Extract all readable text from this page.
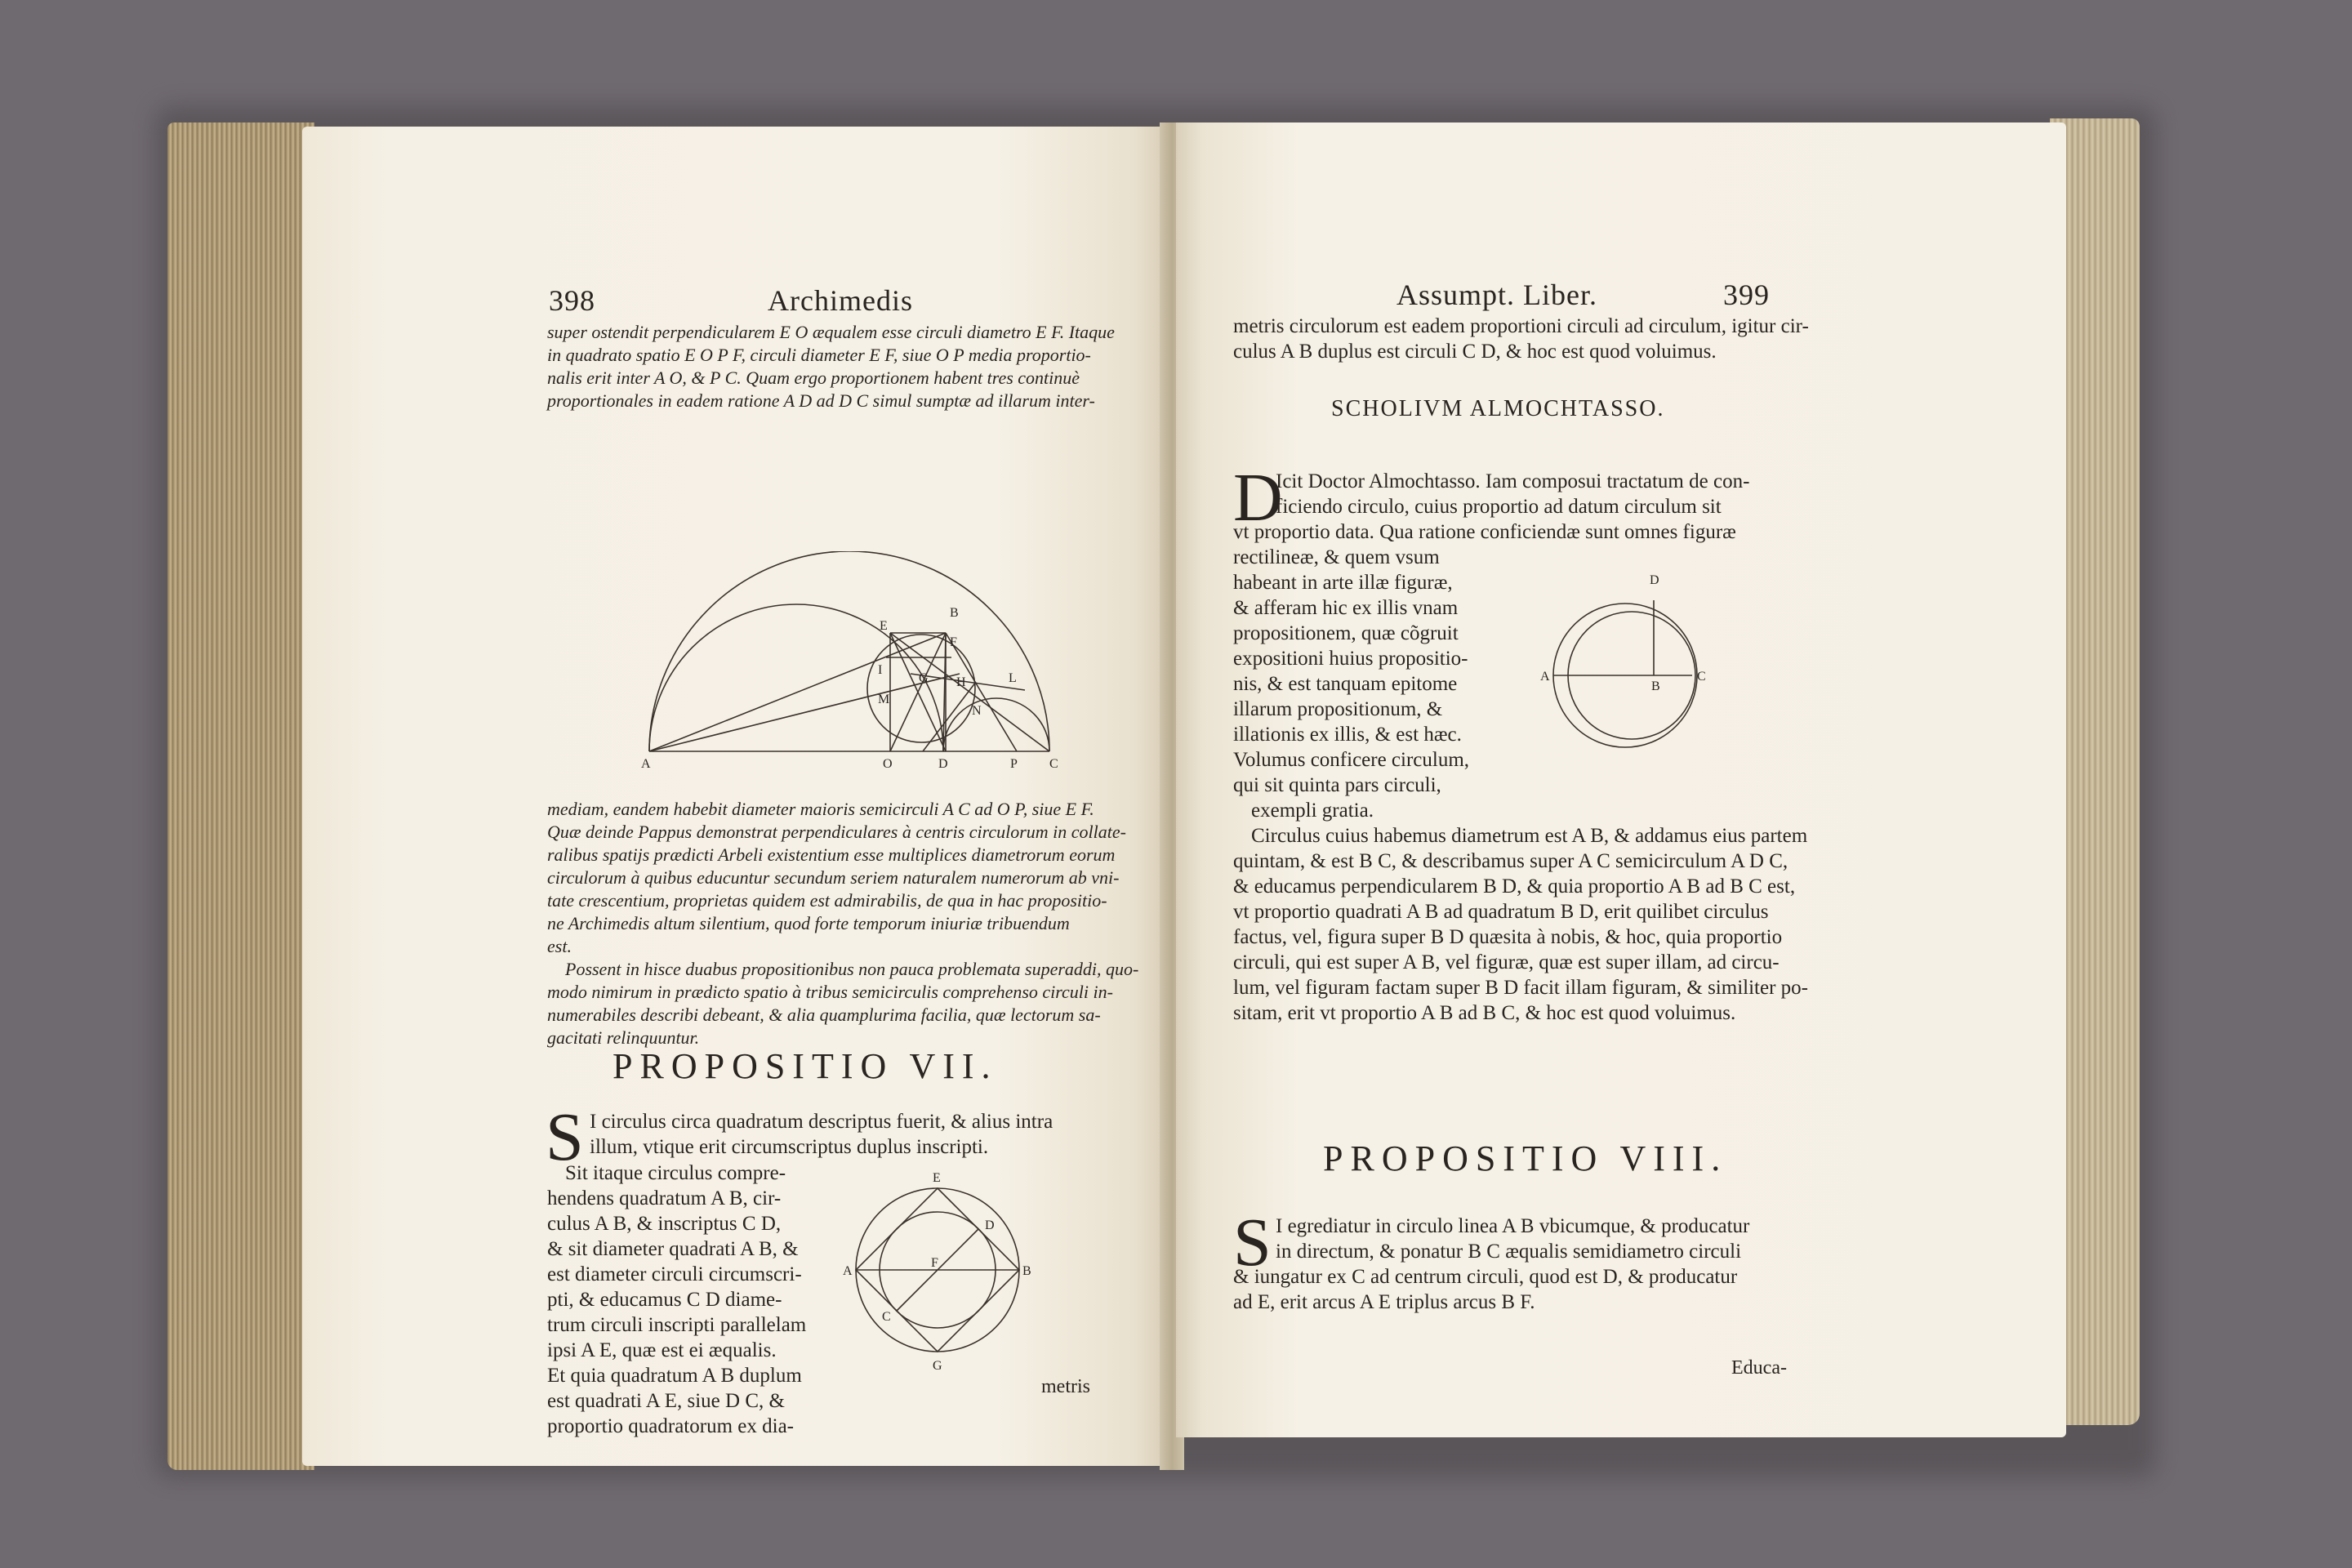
398	Archimedis
super ostendit perpendicularem E O æqualem esse circuli diametro E F. Itaque
in quadrato spatio E O P F, circuli diameter E F, siue O P media proportio-
nalis erit inter A O, & P C. Quam ergo proportionem habent tres continuè
proportionales in eadem ratione A D ad D C simul sumptæ ad illarum inter-
A	O	D	P C
B
E
F
G H
I
M
N
L
mediam, eandem habebit diameter maioris semicirculi A C ad O P, siue E F.
Quæ deinde Pappus demonstrat perpendiculares à centris circulorum in collate-
ralibus spatijs prædicti Arbeli existentium esse multiplices diametrorum eorum
circulorum à quibus educuntur secundum seriem naturalem numerorum ab vni-
tate crescentium, proprietas quidem est admirabilis, de qua in hac propositio-
ne Archimedis altum silentium, quod forte temporum iniuriæ tribuendum
est.
Possent in hisce duabus propositionibus non pauca problemata superaddi, quo-
modo nimirum in prædicto spatio à tribus semicirculis comprehenso circuli in-
numerabiles describi debeant, & alia quamplurima facilia, quæ lectorum sa-
gacitati relinquuntur.
PROPOSITIO VII.
S I circulus circa quadratum descriptus fuerit, & alius intra
illum, vtique erit circumscriptus duplus inscripti.
Sit itaque circulus compre-
hendens quadratum A B, cir-
culus A B, & inscriptus C D,
& sit diameter quadrati A B, &
est diameter circuli circumscri-
pti, & educamus C D diame-
trum circuli inscripti parallelam
ipsi A E, quæ est ei æqualis.
Et quia quadratum A B duplum
est quadrati A E, siue D C, &
proportio quadratorum ex dia-
E
D
A
F
B
C
G
metris
Assumpt. Liber.	399
metris circulorum est eadem proportioni circuli ad circulum, igitur cir-
culus A B duplus est circuli C D, & hoc est quod voluimus.
SCHOLIVM ALMOCHTASSO.
D
Icit Doctor Almochtasso. Iam composui tractatum de con-
ficiendo circulo, cuius proportio ad datum circulum sit
vt proportio data. Qua ratione conficiendæ sunt omnes figuræ
rectilineæ, & quem vsum
habeant in arte illæ figuræ,
& afferam hic ex illis vnam
propositionem, quæ cõgruit
expositioni huius propositio-
nis, & est tanquam epitome
illarum propositionum, &
illationis ex illis, & est hæc.
Volumus conficere circulum,
qui sit quinta pars circuli,
exempli gratia.
D
A
B
C
Circulus cuius habemus diametrum est A B, & addamus eius partem
quintam, & est B C, & describamus super A C semicirculum A D C,
& educamus perpendicularem B D, & quia proportio A B ad B C est,
vt proportio quadrati A B ad quadratum B D, erit quilibet circulus
factus, vel, figura super B D quæsita à nobis, & hoc, quia proportio
circuli, qui est super A B, vel figuræ, quæ est super illam, ad circu-
lum, vel figuram factam super B D facit illam figuram, & similiter po-
sitam, erit vt proportio A B ad B C, & hoc est quod voluimus.
PROPOSITIO VIII.
S I egrediatur in circulo linea A B vbicumque, & producatur
in directum, & ponatur B C æqualis semidiametro circuli
& iungatur ex C ad centrum circuli, quod est D, & producatur
ad E, erit arcus A E triplus arcus B F.
Educa-
